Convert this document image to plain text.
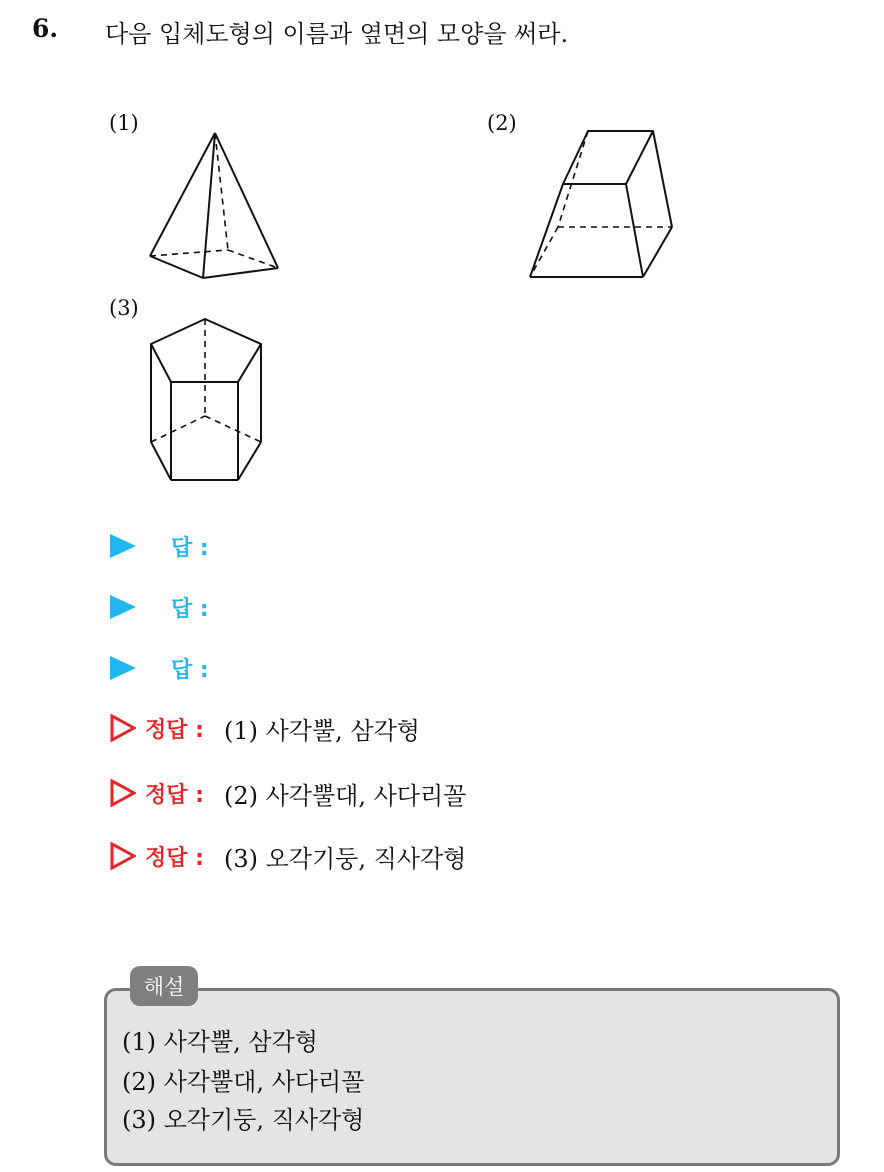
6. 다음 입체도형의 이름과 옆면의 모양을 써라.
(1)	(2)
(3)
답 :
답 :
답 :
정답 : (1) 사각뿔, 삼각형
정답 : (2) 사각뿔대, 사다리꼴
정답 : (3) 오각기둥, 직사각형
해설
(1) 사각뿔, 삼각형
(2) 사각뿔대, 사다리꼴
(3) 오각기둥, 직사각형
